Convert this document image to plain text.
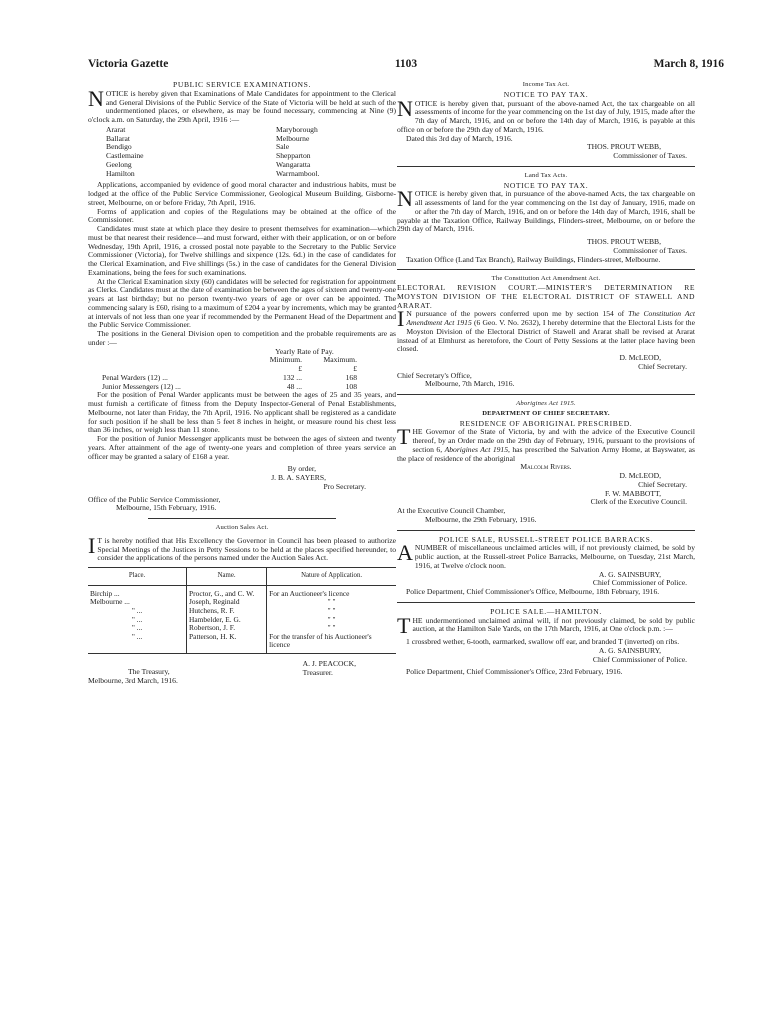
1103
Victoria Gazette	March 8, 1916

PUBLIC SERVICE EXAMINATIONS.

NOTICE is hereby given that Examinations of Male Candidates for appointment to the Clerical and General Divisions of the Public Service of the State of Victoria will be held at such of the undermentioned places, or elsewhere, as may be found necessary, commencing at Nine (9) o'clock a.m. on Saturday, the 29th April, 1916 :—

Ararat	Maryborough
Ballarat	Melbourne
Bendigo	Sale
Castlemaine	Shepparton
Geelong	Wangaratta
Hamilton	Warrnambool.

Applications, accompanied by evidence of good moral character and industrious habits, must be lodged at the office of the Public Service Commissioner, Geological Museum Building, Gisborne-street, Melbourne, on or before Friday, 7th April, 1916.

Forms of application and copies of the Regulations may be obtained at the office of the Commissioner.

Candidates must state at which place they desire to present themselves for examination—which must be that nearest their residence—and must forward, either with their application, or on or before Wednesday, 19th April, 1916, a crossed postal note payable to the Secretary to the Public Service Commissioner (Victoria), for Twelve shillings and sixpence (12s. 6d.) in the case of candidates for the Clerical Examination, and Five shillings (5s.) in the case of candidates for the General Division Examinations, being the fees for such examinations.

At the Clerical Examination sixty (60) candidates will be selected for registration for appointment as Clerks. Candidates must at the date of examination be between the ages of sixteen and twenty-one years at last birthday; but no person twenty-two years of age or over can be appointed. The commencing salary is £60, rising to a maximum of £204 a year by increments, which may be granted at intervals of not less than one year if recommended by the Permanent Head of the Department and the Public Service Commissioner.

The positions in the General Division open to competition and the probable requirements are as under :—

Yearly Rate of Pay.
Minimum.	Maximum.
£	£
Penal Warders (12) ...	132 ...	168
Junior Messengers (12) ...	48 ...	108

For the position of Penal Warder applicants must be between the ages of 25 and 35 years, and must furnish a certificate of fitness from the Deputy Inspector-General of Penal Establishments, Melbourne, not later than Friday, the 7th April, 1916. No applicant shall be registered as a candidate for such position if he shall be less than 5 feet 8 inches in height, or measure round his chest less than 36 inches, or weigh less than 11 stone.

For the position of Junior Messenger applicants must be between the ages of sixteen and twenty years. After attainment of the age of twenty-one years and completion of three years service an officer may be granted a salary of £168 a year.

By order,

J. B. A. SAYERS,

Pro Secretary.

Office of the Public Service Commissioner,

Melbourne, 15th February, 1916.

Auction Sales Act.

I T is hereby notified that His Excellency the Governor in Council has been pleased to authorize Special Meetings of the Justices in Petty Sessions to be held at the places specified hereunder, to consider the applications of the persons named under the Auction Sales Act.

Place.	Name.	Nature of Application.
Birchip ...	Proctor, G., and C. W.	For an Auctioneer's licence
Melbourne ...	Joseph, Reginald	" "
" ...	Hutchens, R. F.	" "
" ...	Hambelder, E. G.	" "
" ...	Robertson, J. F.	" "
" ...	Patterson, H. K.	For the transfer of his Auctioneer's licence

The Treasury,

Melbourne, 3rd March, 1916.

A. J. PEACOCK,

Treasurer.

Income Tax Act.

NOTICE TO PAY TAX.

NOTICE is hereby given that, pursuant of the above-named Act, the tax chargeable on all assessments of income for the year commencing on the 1st day of July, 1915, made after the 7th day of March, 1916, and on or before the 14th day of March, 1916, is payable at this office on or before the 29th day of March, 1916.

Dated this 3rd day of March, 1916.

THOS. PROUT WEBB,

Commissioner of Taxes.

Land Tax Acts.

NOTICE TO PAY TAX.

NOTICE is hereby given that, in pursuance of the above-named Acts, the tax chargeable on all assessments of land for the year commencing on the 1st day of January, 1916, made on or after the 7th day of March, 1916, and on or before the 14th day of March, 1916, shall be payable at the Taxation Office, Railway Buildings, Flinders-street, Melbourne, on or before the 29th day of March, 1916.

THOS. PROUT WEBB,

Commissioner of Taxes.

Taxation Office (Land Tax Branch), Railway Buildings, Flinders-street, Melbourne.

The Constitution Act Amendment Act.

ELECTORAL REVISION COURT.—MINISTER'S DETERMINATION RE MOYSTON DIVISION OF THE ELECTORAL DISTRICT OF STAWELL AND ARARAT.

I N pursuance of the powers conferred upon me by section 154 of The Constitution Act Amendment Act 1915 (6 Geo. V. No. 2632), I hereby determine that the Electoral Lists for the Moyston Division of the Electoral District of Stawell and Ararat shall be revised at Ararat instead of at Elmhurst as heretofore, the Court of Petty Sessions at the latter place having been closed.

D. McLEOD,

Chief Secretary.

Chief Secretary's Office,

Melbourne, 7th March, 1916.

Aborigines Act 1915.

DEPARTMENT OF CHIEF SECRETARY.

RESIDENCE OF ABORIGINAL PRESCRIBED.

THE Governor of the State of Victoria, by and with the advice of the Executive Council thereof, by an Order made on the 29th day of February, 1916, pursuant to the provisions of section 6, Aborigines Act 1915, has prescribed the Salvation Army Home, at Bayswater, as the place of residence of the aboriginal

Malcolm Rivers.

D. McLEOD,

Chief Secretary.

F. W. MABBOTT,

Clerk of the Executive Council.

At the Executive Council Chamber,

Melbourne, the 29th February, 1916.

POLICE SALE, RUSSELL-STREET POLICE BARRACKS.

A NUMBER of miscellaneous unclaimed articles will, if not previously claimed, be sold by public auction, at the Russell-street Police Barracks, Melbourne, on Tuesday, 21st March, 1916, at Twelve o'clock noon.

A. G. SAINSBURY,

Chief Commissioner of Police.

Police Department, Chief Commissioner's Office, Melbourne, 18th February, 1916.

POLICE SALE.—HAMILTON.

THE undermentioned unclaimed animal will, if not previously claimed, be sold by public auction, at the Hamilton Sale Yards, on the 17th March, 1916, at One o'clock p.m. :—

1 crossbred wether, 6-tooth, earmarked, swallow off ear, and branded T (inverted) on ribs.

A. G. SAINSBURY,

Chief Commissioner of Police.

Police Department, Chief Commissioner's Office, 23rd February, 1916.
